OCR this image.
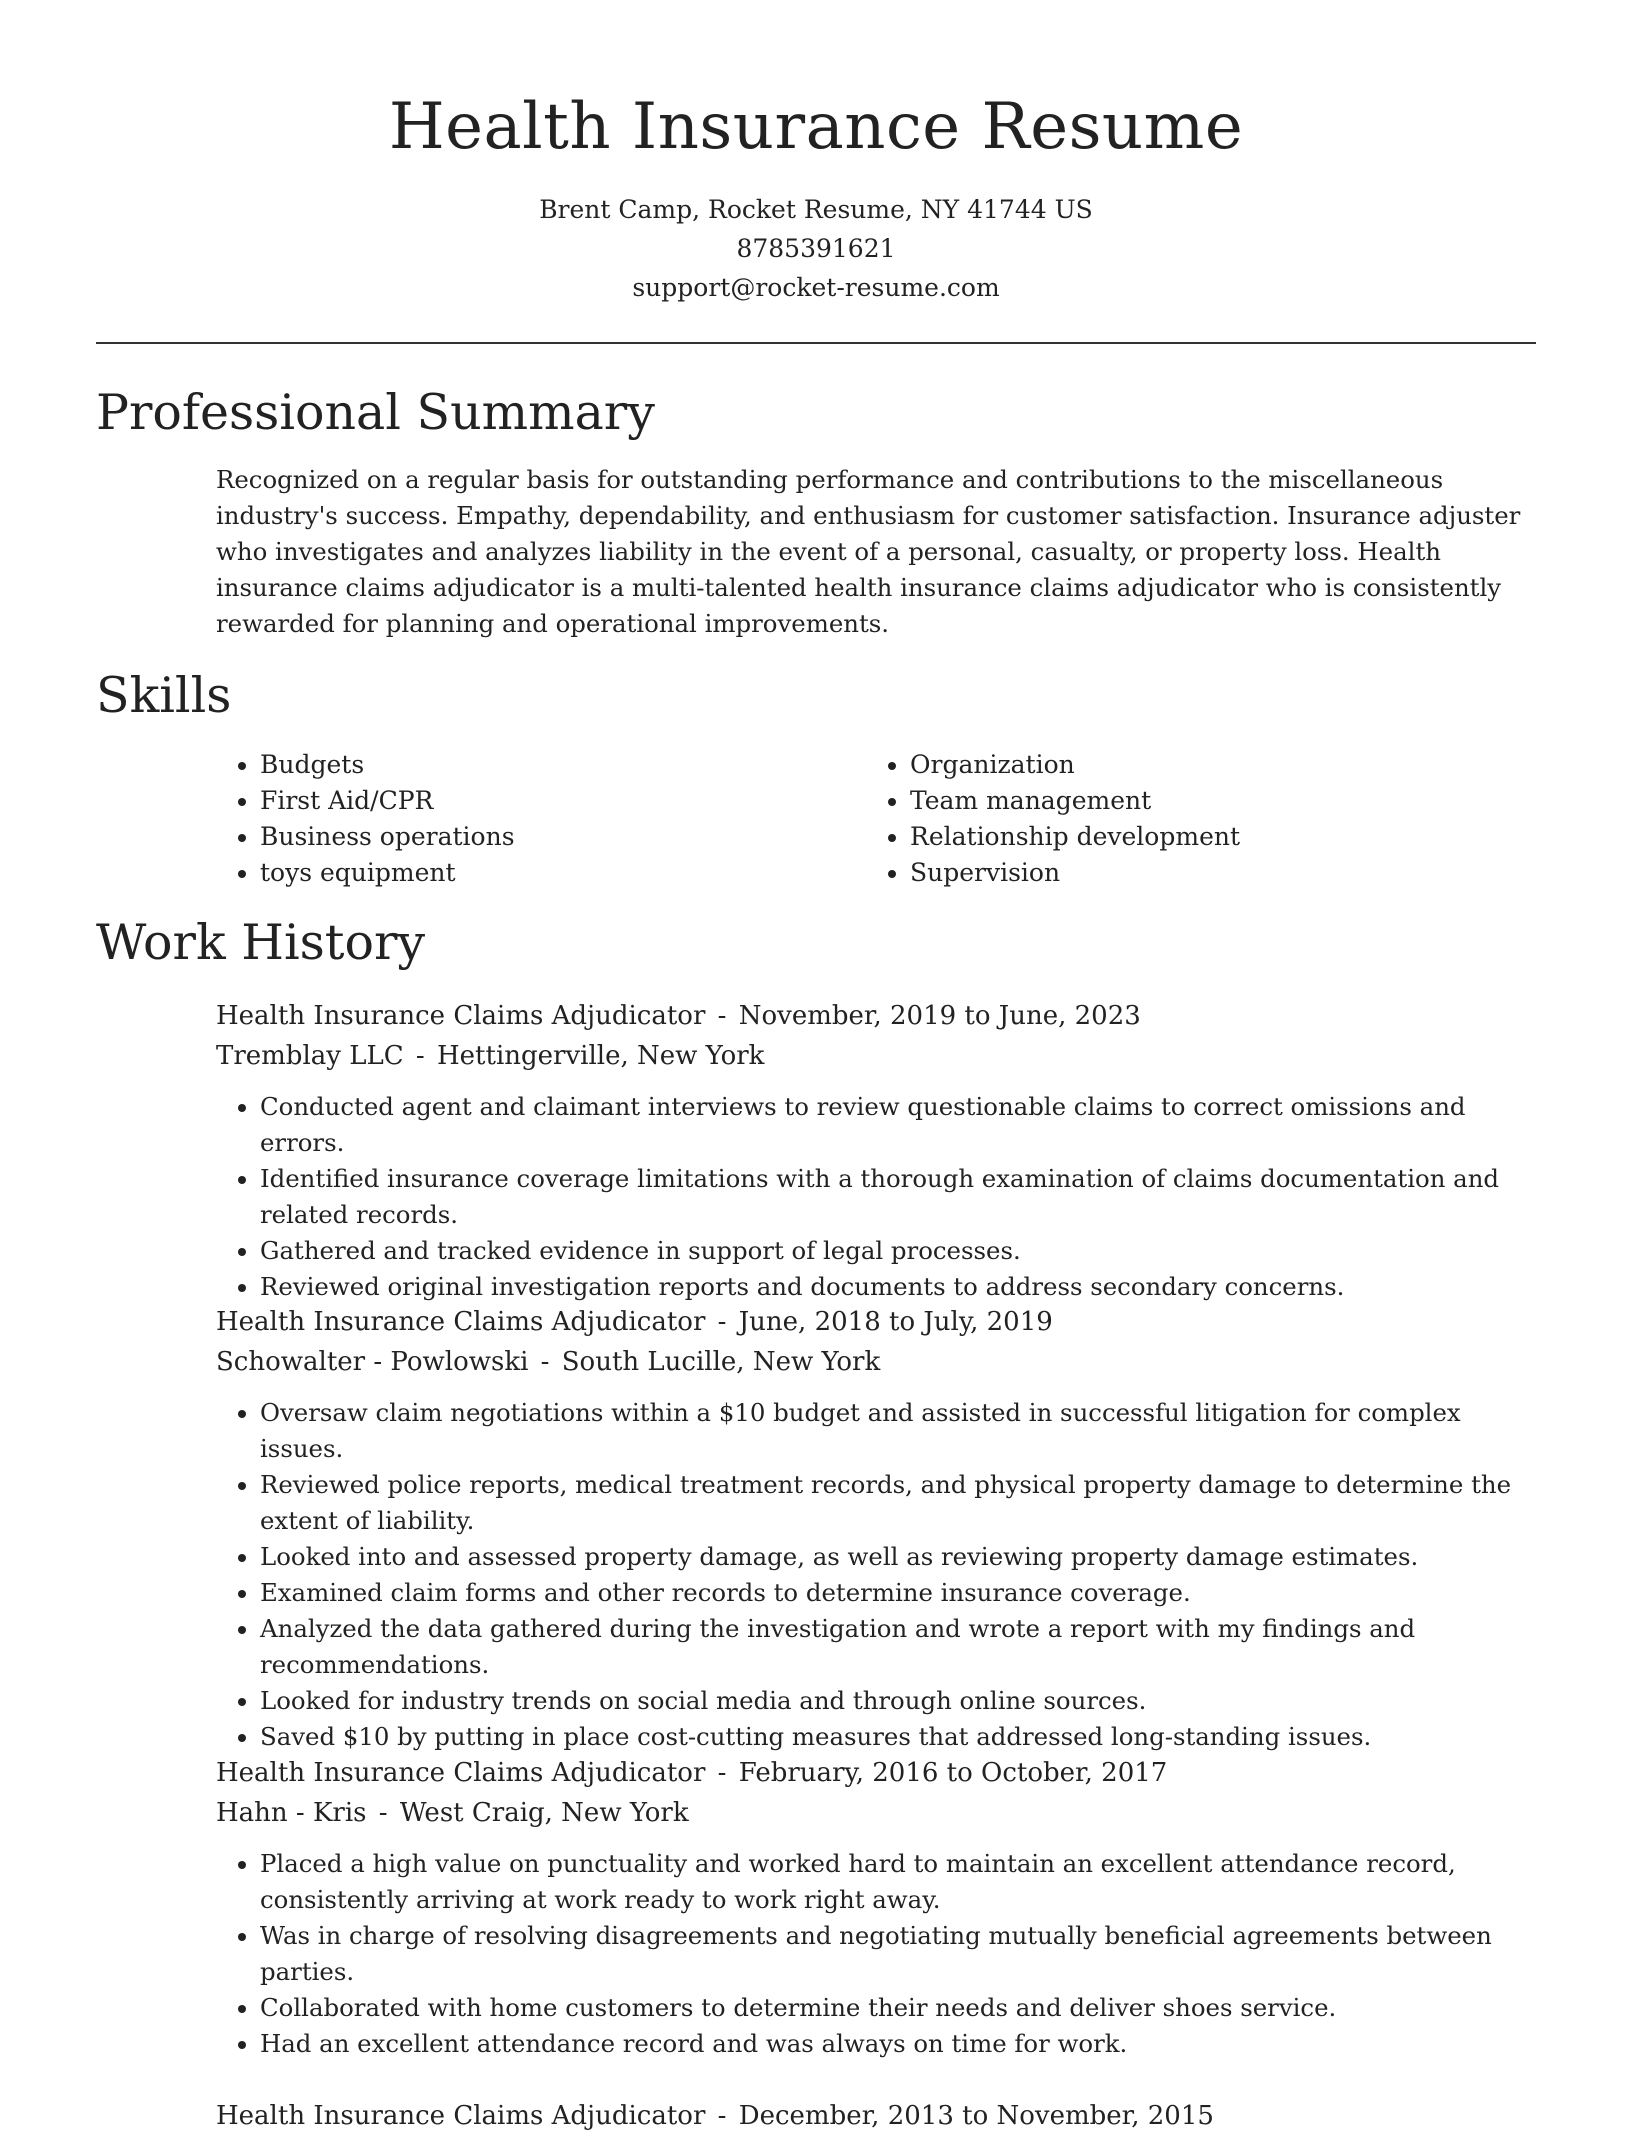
Health Insurance Resume
Brent Camp, Rocket Resume, NY 41744 US
8785391621
support@rocket-resume.com
Professional Summary

Recognized on a regular basis for outstanding performance and contributions to the miscellaneous industry's success. Empathy, dependability, and enthusiasm for customer satisfaction. Insurance adjuster who investigates and analyzes liability in the event of a personal, casualty, or property loss. Health insurance claims adjudicator is a multi-talented health insurance claims adjudicator who is consistently rewarded for planning and operational improvements.

Skills
• Budgets
• First Aid/CPR
• Business operations
• toys equipment
• Organization
• Team management
• Relationship development
• Supervision
Work History
Health Insurance Claims Adjudicator - November, 2019 to June, 2023
Tremblay LLC - Hettingerville, New York
• Conducted agent and claimant interviews to review questionable claims to correct omissions and errors.
• Identified insurance coverage limitations with a thorough examination of claims documentation and related records.
• Gathered and tracked evidence in support of legal processes.
• Reviewed original investigation reports and documents to address secondary concerns.
Health Insurance Claims Adjudicator - June, 2018 to July, 2019
Schowalter - Powlowski - South Lucille, New York
• Oversaw claim negotiations within a $10 budget and assisted in successful litigation for complex issues.
• Reviewed police reports, medical treatment records, and physical property damage to determine the extent of liability.
• Looked into and assessed property damage, as well as reviewing property damage estimates.
• Examined claim forms and other records to determine insurance coverage.
• Analyzed the data gathered during the investigation and wrote a report with my findings and recommendations.
• Looked for industry trends on social media and through online sources.
• Saved $10 by putting in place cost-cutting measures that addressed long-standing issues.
Health Insurance Claims Adjudicator - February, 2016 to October, 2017
Hahn - Kris - West Craig, New York
• Placed a high value on punctuality and worked hard to maintain an excellent attendance record, consistently arriving at work ready to work right away.
• Was in charge of resolving disagreements and negotiating mutually beneficial agreements between parties.
• Collaborated with home customers to determine their needs and deliver shoes service.
• Had an excellent attendance record and was always on time for work.
Health Insurance Claims Adjudicator - December, 2013 to November, 2015
